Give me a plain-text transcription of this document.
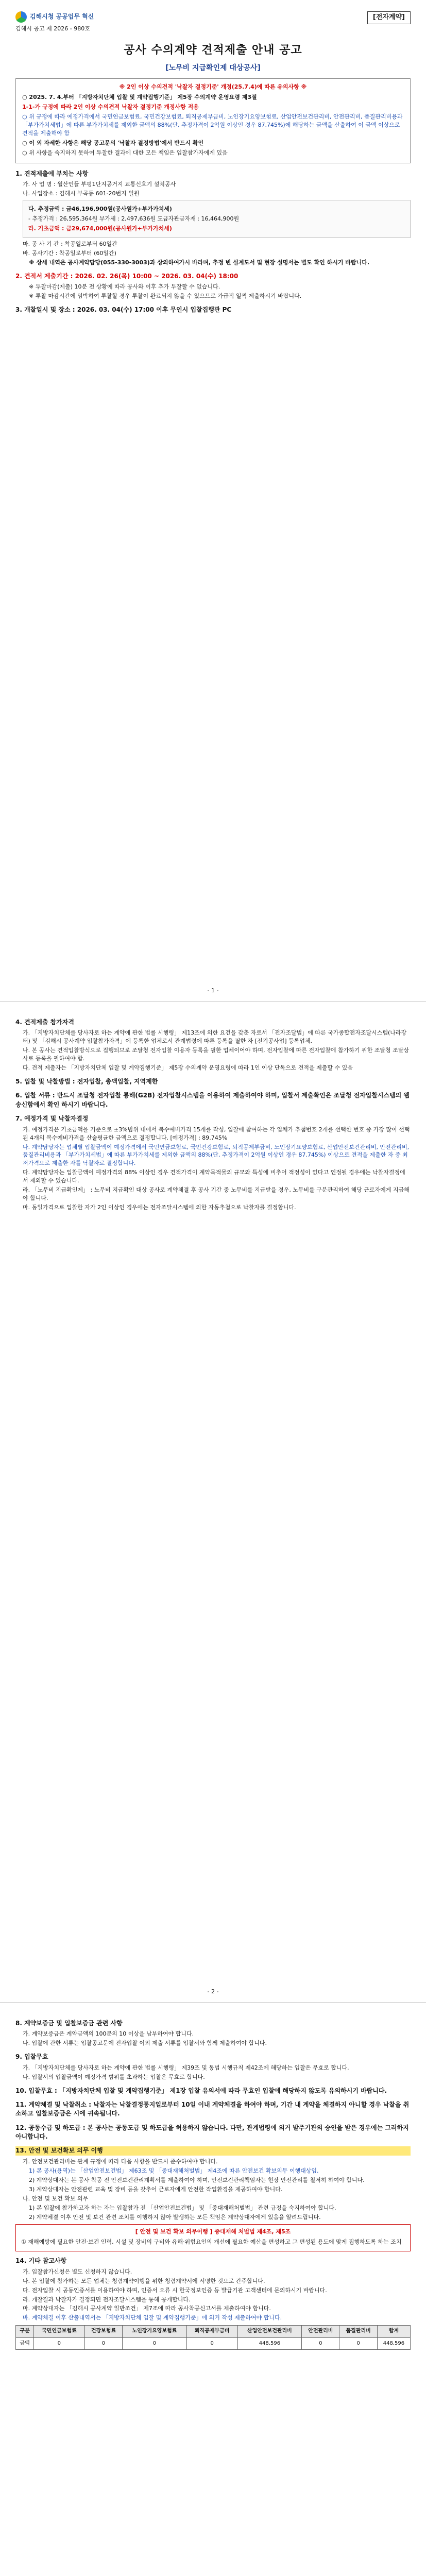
김해시청 공공업무 혁신
김해시 공고 제 2026 - 980호
[전자계약]
공사 수의계약 견적제출 안내 공고
[노무비 지급확인제 대상공사]
※ 2인 이상 수의견적 '낙찰자 결정기준' 개정(25.7.4)에 따른 유의사항 ※

○ 2025. 7. 4.부터 「지방자치단체 입찰 및 계약집행기준」 제5장 수의계약 운영요령 제3절

1-1-가 규정에 따라 2인 이상 수의견적 낙찰자 결정기준 개정사항 적용

○ 위 규정에 따라 예정가격에서 국민연금보험료, 국민건강보험료, 퇴직공제부금비, 노인장기요양보험료, 산업안전보건관리비, 안전관리비, 품질관리비용과 「부가가치세법」에 따른 부가가치세를 제외한 금액의 88%(단, 추정가격이 2억원 이상인 경우 87.745%)에 해당하는 금액을 산출하여 이 금액 이상으로 견적을 제출해야 함

○ 이 외 자세한 사항은 해당 공고문의 '낙찰자 결정방법'에서 반드시 확인

○ 위 사항을 숙지하지 못하여 투찰한 결과에 대한 모든 책임은 입찰참가자에게 있음

1. 견적제출에 부치는 사항

가. 사 업 명 : 월산인들 부평1단지공거지 교통신호기 설치공사

나. 사업장소 : 김해시 부곡동 601-20번지 일원

다. 추정금액 : 금46,196,900원(공사원가+부가가치세)

- 추정가격 : 26,595,364원 부가세 : 2,497,636원 도급자관급자재 : 16,464,900원

라. 기초금액 : 금29,674,000원(공사원가+부가가치세)

마. 공 사 기 간 : 착공일로부터 60일간

바. 공사기간 : 착공일로부터 (60일간)

※ 상세 내역은 공사계약담당(055-330-3003)과 상의하여가시 바라며, 추정 변 설계도서 및 현장 설명서는 별도 확인 하시기 바랍니다.

2. 견적서 제출기간 : 2026. 02. 26(목) 10:00 ~ 2026. 03. 04(수) 18:00

※ 투찰마감(제출) 10분 전 상황에 따라 공사와 이후 추가 투찰할 수 없습니다.

※ 투찰 마감시간에 임박하여 투찰할 경우 투찰이 완료되지 않을 수 있으므로 가급적 일찍 제출하시기 바랍니다.

3. 개찰일시 및 장소 : 2026. 03. 04(수) 17:00 이후 무인시 입찰집행관 PC
- 1 -
4. 견적제출 참가자격

가. 「지방자치단체를 당사자로 하는 계약에 관한 법률 시행령」 제13조에 의한 요건을 갖춘 자로서 「전자조달법」에 따른 국가종합전자조달시스템(나라장터) 및 「김해시 공사계약 입찰참가자격」에 등록한 업체로서 관계법령에 따른 등록을 필한 자 [전기공사업] 등록업체.

나. 본 공사는 견적입찰방식으로 집행되므로 조달청 전자입찰 이용자 등록을 필한 업체이어야 하며, 전자입찰에 따른 전자입찰에 참가하기 위한 조달청 조달상사로 등록을 필하여야 함.

다. 견적 제출자는 「지방자치단체 입찰 및 계약집행기준」 제5장 수의계약 운영요령에 따라 1인 이상 단독으로 견적을 제출할 수 있음

5. 입찰 및 낙찰방법 : 전자입찰, 총액입찰, 지역제한
6. 입찰 서류 : 반드시 조달청 전자입찰 통해(G2B) 전자입찰시스템을 이용하여 제출하여야 하며, 입찰서 제출확인은 조달청 전자입찰시스템의 웹 송신함에서 확인 하시기 바랍니다.
7. 예정가격 및 낙찰자결정

가. 예정가격은 기초금액을 기준으로 ±3%범위 내에서 복수예비가격 15개를 작성, 입찰에 참여하는 각 업체가 추첨번호 2개를 선택한 번호 중 가장 많이 선택된 4개의 복수예비가격을 산술평균한 금액으로 결정합니다. [예정가격] : 89.745%

나. 계약담당자는 업체별 입찰금액이 예정가격에서 국민연금보험료, 국민건강보험료, 퇴직공제부금비, 노인장기요양보험료, 산업안전보건관리비, 안전관리비, 품질관리비용과 「부가가치세법」에 따른 부가가치세를 제외한 금액의 88%(단, 추정가격이 2억원 이상인 경우 87.745%) 이상으로 견적을 제출한 자 중 최저가격으로 제출한 자를 낙찰자로 결정합니다.

다. 계약담당자는 입찰금액이 예정가격의 88% 이상인 경우 견적가격이 계약목적물의 규모와 특성에 비추어 적정성이 없다고 인정될 경우에는 낙찰자결정에서 제외할 수 있습니다.

라. 「노무비 지급확인제」 : 노무비 지급확인 대상 공사로 계약체결 후 공사 기간 중 노무비를 지급받을 경우, 노무비를 구분관리하여 해당 근로자에게 지급해야 합니다.

마. 동일가격으로 입찰한 자가 2인 이상인 경우에는 전자조달시스템에 의한 자동추첨으로 낙찰자를 결정합니다.

- 2 -
8. 계약보증금 및 입찰보증금 관련 사항

가. 계약보증금은 계약금액의 100분의 10 이상을 납부하여야 합니다.

나. 입찰에 관한 서류는 입찰공고문에 전자입찰 이외 제출 서류를 입찰서와 함께 제출하여야 합니다.

9. 입찰무효

가. 「지방자치단체를 당사자로 하는 계약에 관한 법률 시행령」 제39조 및 동법 시행규칙 제42조에 해당하는 입찰은 무효로 합니다.

나. 입찰서의 입찰금액이 예정가격 범위를 초과하는 입찰은 무효로 합니다.

10. 입찰무효 : 「지방자치단체 입찰 및 계약집행기준」 제1장 입찰 유의서에 따라 무효인 입찰에 해당하지 않도록 유의하시기 바랍니다.
11. 계약체결 및 낙찰취소 : 낙찰자는 낙찰결정통지일로부터 10일 이내 계약체결을 하여야 하며, 기간 내 계약을 체결하지 아니할 경우 낙찰을 취소하고 입찰보증금은 시에 귀속됩니다.
12. 공동수급 및 하도급 : 본 공사는 공동도급 및 하도급을 허용하지 않습니다. 다만, 관계법령에 의거 발주기관의 승인을 받은 경우에는 그러하지 아니합니다.
13. 안전 및 보건확보 의무 이행

가. 안전보건관리비는 관계 규정에 따라 다음 사항을 반드시 준수하여야 합니다.

1) 본 공사(용역)는 「산업안전보건법」 제63조 및 「중대재해처벌법」 제4조에 따른 안전보건 확보의무 이행대상임.

2) 계약상대자는 본 공사 착공 전 안전보건관리계획서를 제출하여야 하며, 안전보건관리책임자는 현장 안전관리를 철저히 하여야 합니다.

3) 계약상대자는 안전관련 교육 및 장비 등을 갖추어 근로자에게 안전한 작업환경을 제공하여야 합니다.

나. 안전 및 보건 확보 의무

1) 본 입찰에 참가하고자 하는 자는 입찰참가 전 「산업안전보건법」 및 「중대재해처벌법」 관련 규정을 숙지하여야 합니다.

2) 계약체결 이후 안전 및 보건 관련 조치를 이행하지 않아 발생하는 모든 책임은 계약상대자에게 있음을 알려드립니다.

[ 안전 및 보건 확보 의무이행 ] 중대재해 처벌법 제4조, 제5조

① 재해예방에 필요한 안전·보건 인력, 시설 및 장비의 구비와 유해·위험요인의 개선에 필요한 예산을 편성하고 그 편성된 용도에 맞게 집행하도록 하는 조치

14. 기타 참고사항

가. 입찰참가신청은 별도 신청하지 않습니다.

나. 본 입찰에 참가하는 모든 업체는 청렴계약이행을 위한 청렴계약서에 서명한 것으로 간주합니다.

다. 전자입찰 시 공동인증서를 이용하여야 하며, 인증서 오류 시 한국정보인증 등 발급기관 고객센터에 문의하시기 바랍니다.

라. 개찰결과 낙찰자가 결정되면 전자조달시스템을 통해 공개합니다.

마. 계약상대자는 「김해시 공사계약 일반조건」 제7조에 따라 공사착공신고서를 제출하여야 합니다.

바. 계약체결 이후 산출내역서는 「지방자치단체 입찰 및 계약집행기준」에 의거 작성 제출하여야 합니다.

구분	국민연금보험료	건강보험료	노인장기요양보험료	퇴직공제부금비	산업안전보건관리비	안전관리비	품질관리비	합계
금액	0	0	0	0	448,596	0	0	448,596
